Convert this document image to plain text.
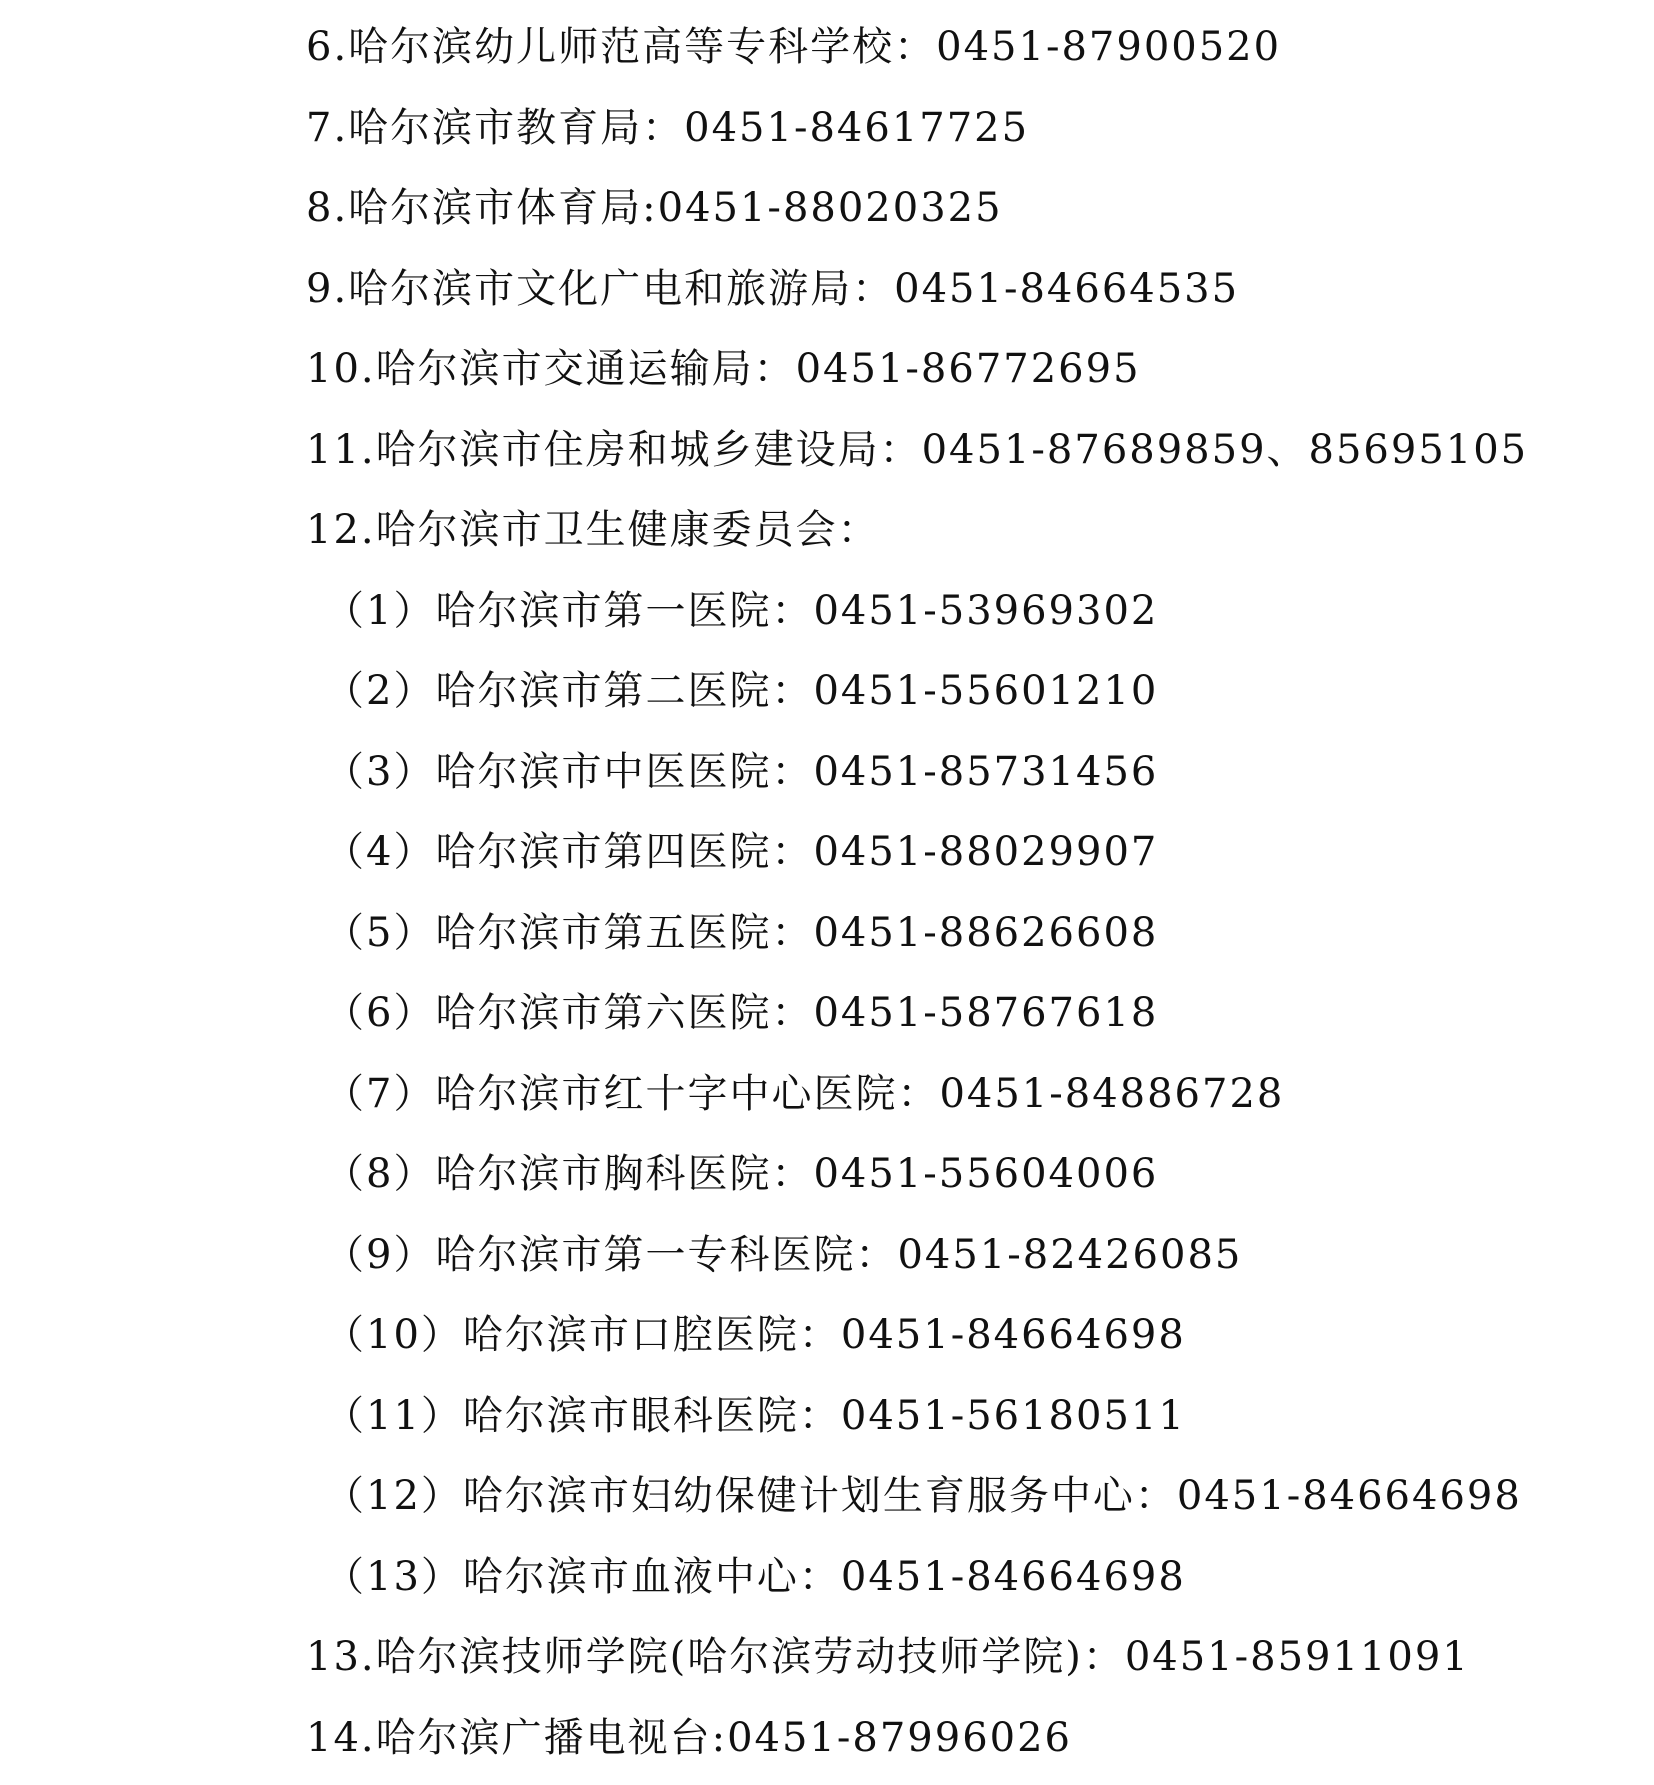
6.哈尔滨幼儿师范高等专科学校：0451-87900520
7.哈尔滨市教育局：0451-84617725
8.哈尔滨市体育局:0451-88020325
9.哈尔滨市文化广电和旅游局：0451-84664535
10.哈尔滨市交通运输局：0451-86772695
11.哈尔滨市住房和城乡建设局：0451-87689859、85695105
12.哈尔滨市卫生健康委员会：
（1）哈尔滨市第一医院：0451-53969302
（2）哈尔滨市第二医院：0451-55601210
（3）哈尔滨市中医医院：0451-85731456
（4）哈尔滨市第四医院：0451-88029907
（5）哈尔滨市第五医院：0451-88626608
（6）哈尔滨市第六医院：0451-58767618
（7）哈尔滨市红十字中心医院：0451-84886728
（8）哈尔滨市胸科医院：0451-55604006
（9）哈尔滨市第一专科医院：0451-82426085
（10）哈尔滨市口腔医院：0451-84664698
（11）哈尔滨市眼科医院：0451-56180511
（12）哈尔滨市妇幼保健计划生育服务中心：0451-84664698
（13）哈尔滨市血液中心：0451-84664698
13.哈尔滨技师学院(哈尔滨劳动技师学院)：0451-85911091
14.哈尔滨广播电视台:0451-87996026
